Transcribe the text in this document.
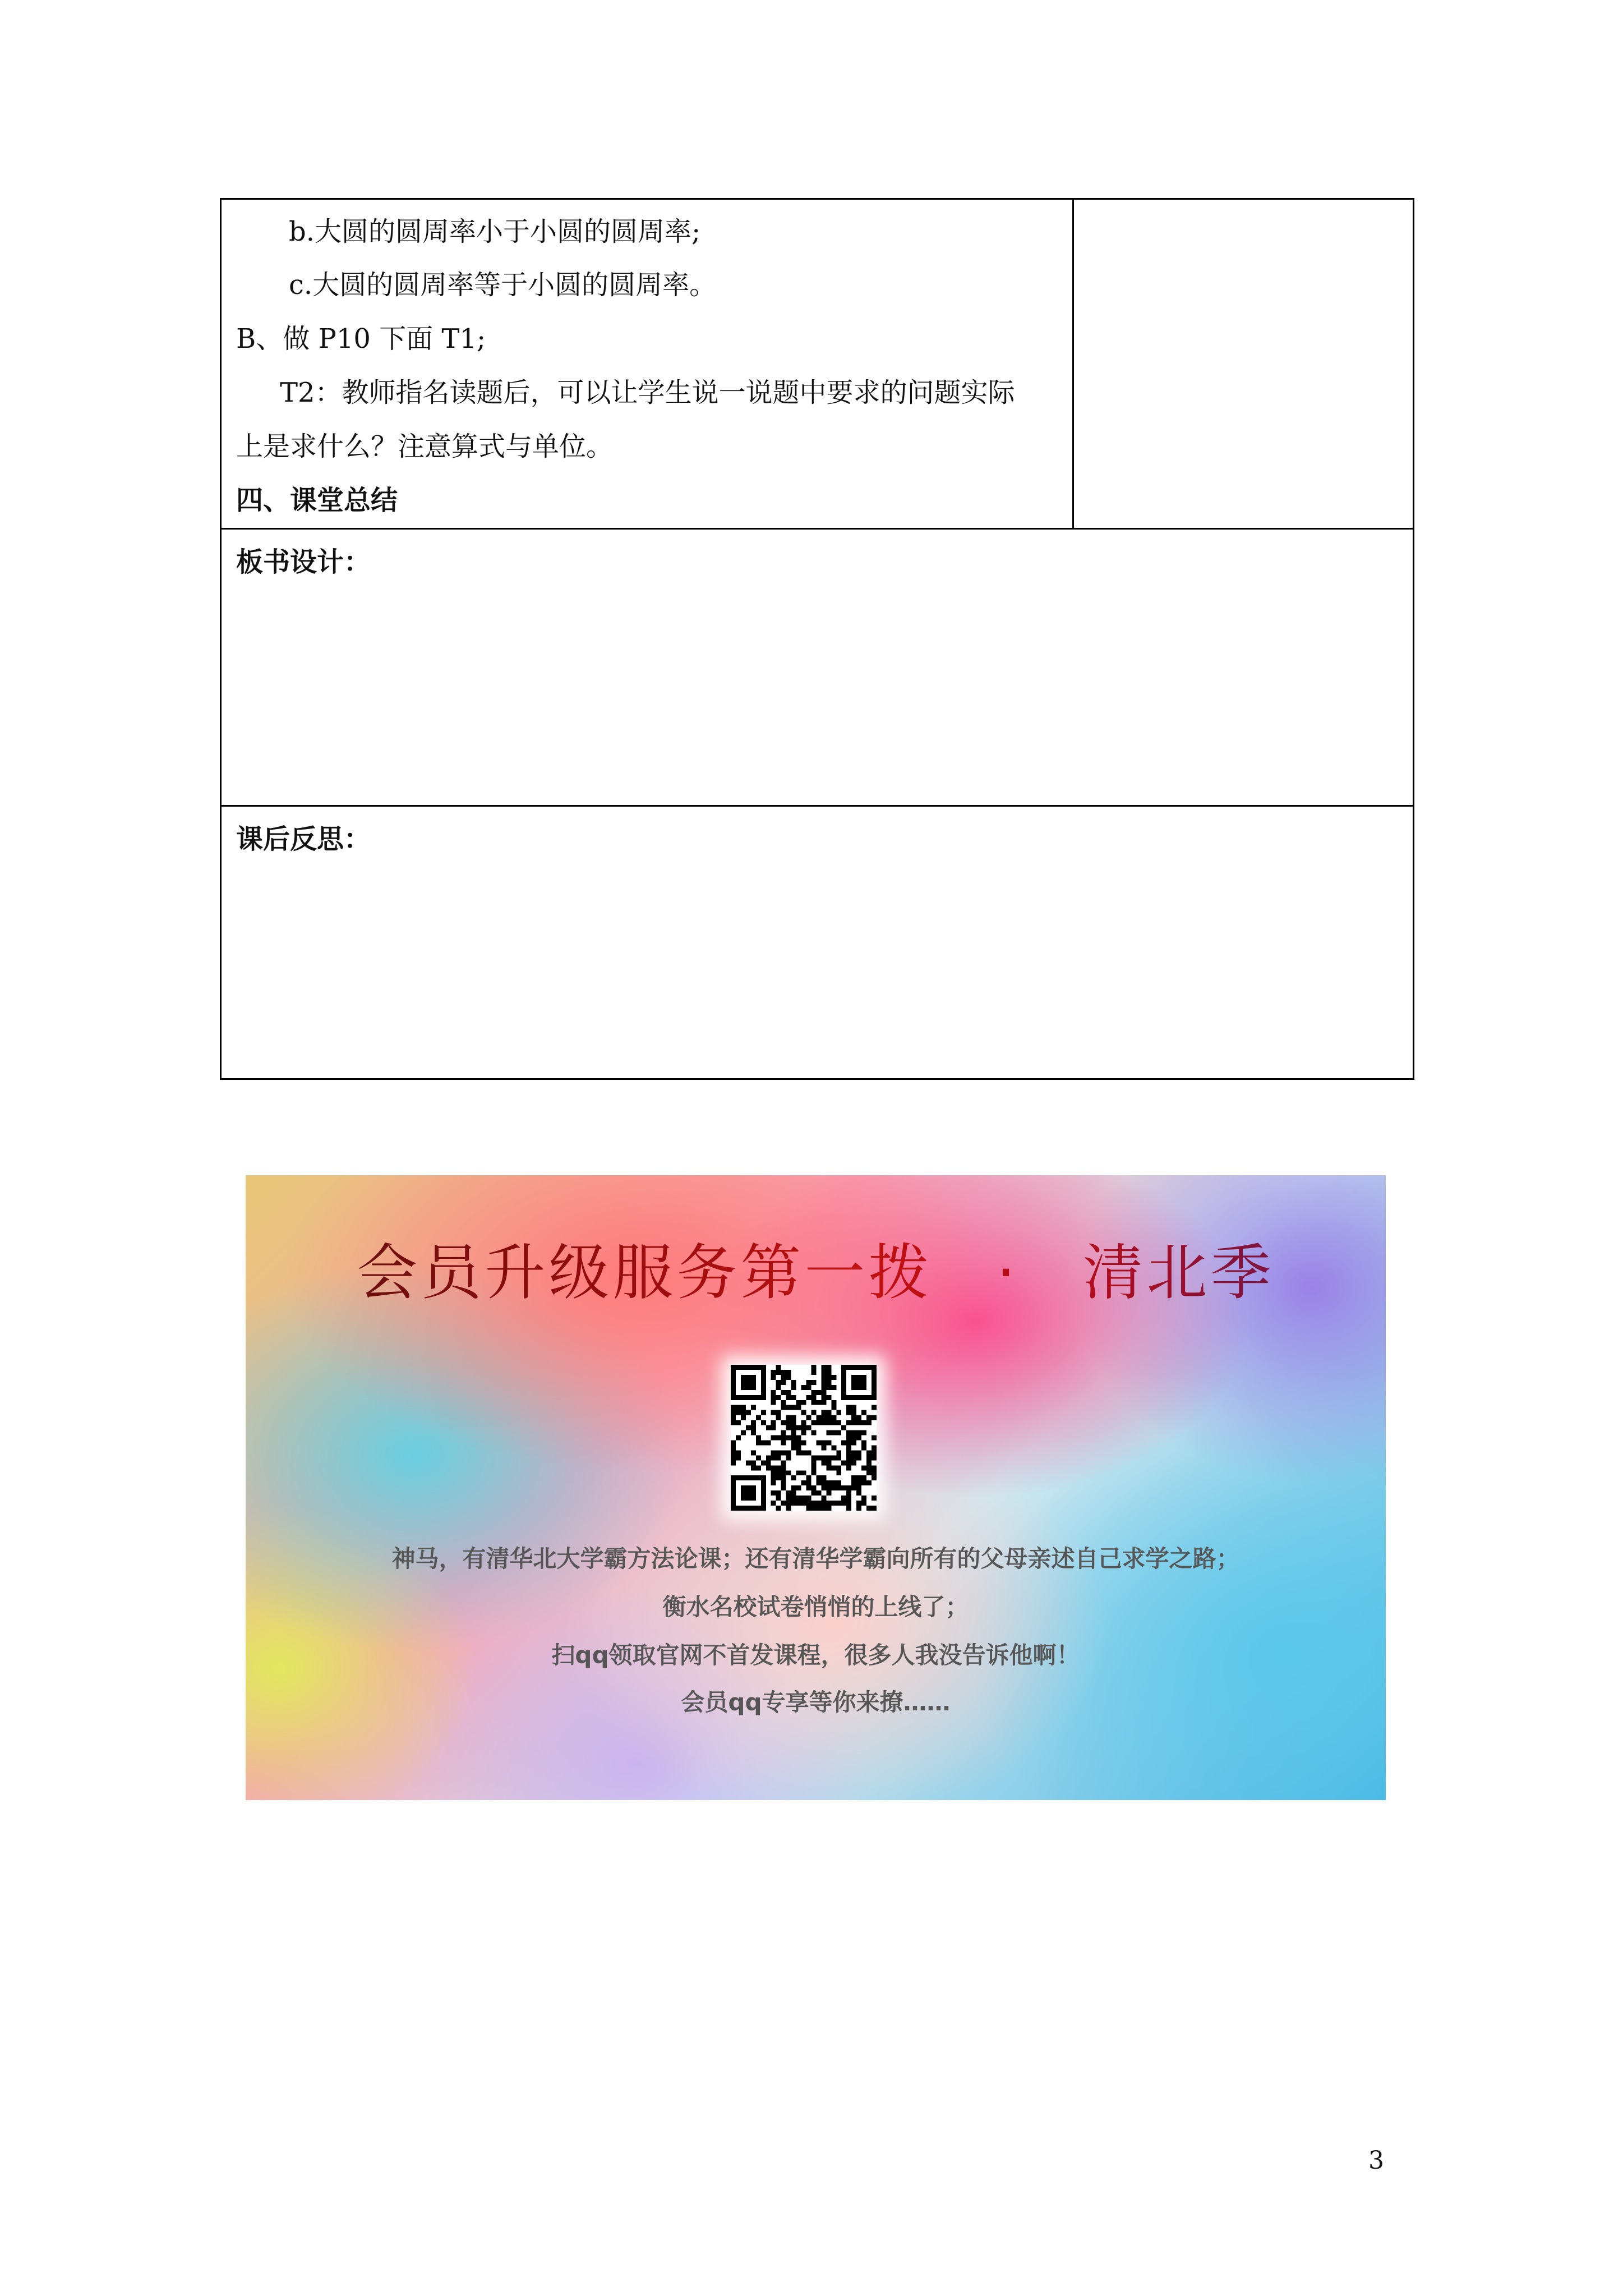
b.大圆的圆周率小于小圆的圆周率;
c.大圆的圆周率等于小圆的圆周率。
B、做 P10 下面 T1;
T2：教师指名读题后，可以让学生说一说题中要求的问题实际
上是求什么？注意算式与单位。
四、课堂总结
板书设计：
课后反思：
会员升级服务第一拨　·　清北季
神马，有清华北大学霸方法论课；还有清华学霸向所有的父母亲述自己求学之路；
衡水名校试卷悄悄的上线了；
扫qq领取官网不首发课程，很多人我没告诉他啊！
会员qq专享等你来撩……
3
